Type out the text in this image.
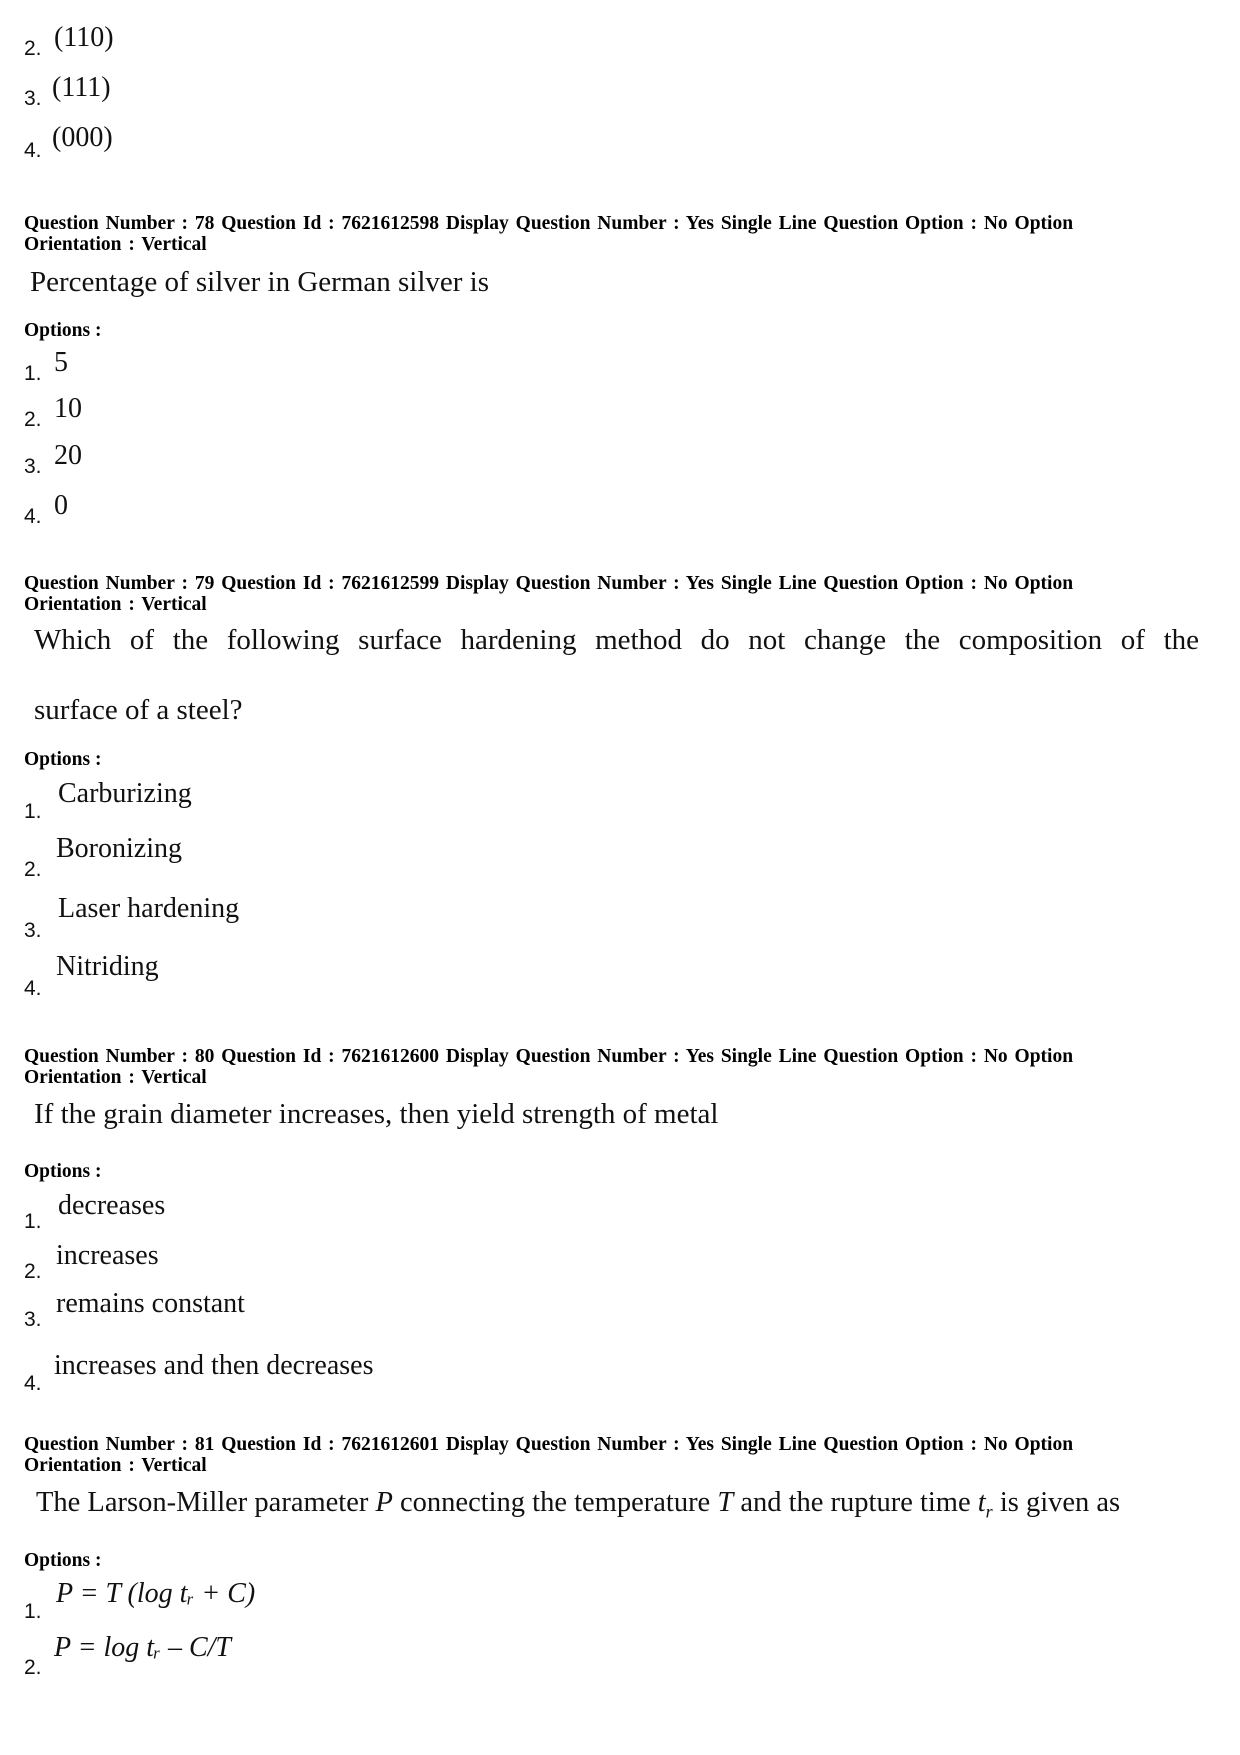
2. (110)
3. (111)
4. (000)
Question Number : 78 Question Id : 7621612598 Display Question Number : Yes Single Line Question Option : No Option
Orientation : Vertical
Percentage of silver in German silver is
Options :
1. 5
2. 10
3. 20
4. 0
Question Number : 79 Question Id : 7621612599 Display Question Number : Yes Single Line Question Option : No Option
Orientation : Vertical
Which of the following surface hardening method do not change the composition of the
surface of a steel?
Options :
1.
Carburizing
2.
Boronizing
3.
Laser hardening
4.
Nitriding
Question Number : 80 Question Id : 7621612600 Display Question Number : Yes Single Line Question Option : No Option
Orientation : Vertical
If the grain diameter increases, then yield strength of metal
Options :
1.
decreases
2.
increases
3.
remains constant
4.
increases and then decreases
Question Number : 81 Question Id : 7621612601 Display Question Number : Yes Single Line Question Option : No Option
Orientation : Vertical
The Larson-Miller parameter P connecting the temperature T and the rupture time $t_r$ is given as
Options :
1.
P = T (log tᵣ + C)
2.
P = log tᵣ – C/T
